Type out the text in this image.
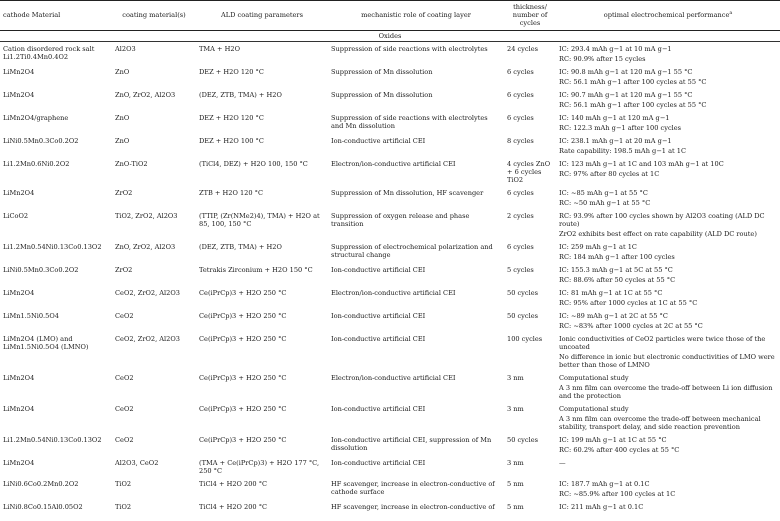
cathode Material	coating material(s)	ALD coating parameters	mechanistic role of coating layer	thickness/ number of cycles	optimal electrochemical performance$^a$
Oxides					
Cation disordered rock salt Li1.2Ti0.4Mn0.4O2	Al2O3	TMA + H2O	Suppression of side reactions with electrolytes	24 cycles	IC: 293.4 mAh g−1 at 10 mA g−1
RC: 90.9% after 15 cycles

LiMn2O4	ZnO	DEZ + H2O 120 °C	Suppression of Mn dissolution	6 cycles	IC: 90.8 mAh g−1 at 120 mA g−1 55 °C
RC: 56.1 mAh g−1 after 100 cycles at 55 °C

LiMn2O4	ZnO, ZrO2, Al2O3	(DEZ, ZTB, TMA) + H2O	Suppression of Mn dissolution	6 cycles	IC: 90.7 mAh g−1 at 120 mA g−1 55 °C
RC: 56.1 mAh g−1 after 100 cycles at 55 °C

LiMn2O4/graphene	ZnO	DEZ + H2O 120 °C	Suppression of side reactions with electrolytes and Mn dissolution	6 cycles	IC: 140 mAh g−1 at 120 mA g−1
RC: 122.3 mAh g−1 after 100 cycles

LiNi0.5Mn0.3Co0.2O2	ZnO	DEZ + H2O 100 °C	Ion-conductive artificial CEI	8 cycles	IC: 238.1 mAh g−1 at 20 mA g−1
Rate capability: 198.5 mAh g−1 at 1C

Li1.2Mn0.6Ni0.2O2	ZnO-TiO2	(TiCl4, DEZ) + H2O 100, 150 °C	Electron/ion-conductive artificial CEI	4 cycles ZnO + 6 cycles TiO2	IC: 123 mAh g−1 at 1C and 103 mAh g−1 at 10C
RC: 97% after 80 cycles at 1C

LiMn2O4	ZrO2	ZTB + H2O 120 °C	Suppression of Mn dissolution, HF scavenger	6 cycles	IC: ~85 mAh g−1 at 55 °C
RC: ~50 mAh g−1 at 55 °C

LiCoO2	TiO2, ZrO2, Al2O3	(TTIP, (Zr(NMe2)4), TMA) + H2O at 85, 100, 150 °C	Suppression of oxygen release and phase transition	2 cycles	RC: 93.9% after 100 cycles shown by Al2O3 coating (ALD DC route)
ZrO2 exhibits best effect on rate capability (ALD DC route)

Li1.2Mn0.54Ni0.13Co0.13O2	ZnO, ZrO2, Al2O3	(DEZ, ZTB, TMA) + H2O	Suppression of electrochemical polarization and structural change	6 cycles	IC: 259 mAh g−1 at 1C
RC: 184 mAh g−1 after 100 cycles

LiNi0.5Mn0.3Co0.2O2	ZrO2	Tetrakis Zirconium + H2O 150 °C	Ion-conductive artificial CEI	5 cycles	IC: 155.3 mAh g−1 at 5C at 55 °C
RC: 88.6% after 50 cycles at 55 °C

LiMn2O4	CeO2, ZrO2, Al2O3	Ce(iPrCp)3 + H2O 250 °C	Electron/ion-conductive artificial CEI	50 cycles	IC: 81 mAh g−1 at 1C at 55 °C
RC: 95% after 1000 cycles at 1C at 55 °C

LiMn1.5Ni0.5O4	CeO2	Ce(iPrCp)3 + H2O 250 °C	Ion-conductive artificial CEI	50 cycles	IC: ~89 mAh g−1 at 2C at 55 °C
RC: ~83% after 1000 cycles at 2C at 55 °C

LiMn2O4 (LMO) and LiMn1.5Ni0.5O4 (LMNO)	CeO2, ZrO2, Al2O3	Ce(iPrCp)3 + H2O 250 °C	Ion-conductive artificial CEI	100 cycles	Ionic conductivities of CeO2 particles were twice those of the uncoated
No difference in ionic but electronic conductivities of LMO were better than those of LMNO

LiMn2O4	CeO2	Ce(iPrCp)3 + H2O 250 °C	Electron/ion-conductive artificial CEI	3 nm	Computational study
A 3 nm film can overcome the trade-off between Li ion diffusion and the protection

LiMn2O4	CeO2	Ce(iPrCp)3 + H2O 250 °C	Ion-conductive artificial CEI	3 nm	Computational study
A 3 nm film can overcome the trade-off between mechanical stability, transport delay, and side reaction prevention

Li1.2Mn0.54Ni0.13Co0.13O2	CeO2	Ce(iPrCp)3 + H2O 250 °C	Ion-conductive artificial CEI, suppression of Mn dissolution	50 cycles	IC: 199 mAh g−1 at 1C at 55 °C
RC: 60.2% after 400 cycles at 55 °C

LiMn2O4	Al2O3, CeO2	(TMA + Ce(iPrCp)3) + H2O 177 °C, 250 °C	Ion-conductive artificial CEI	3 nm	—

LiNi0.6Co0.2Mn0.2O2	TiO2	TiCl4 + H2O 200 °C	HF scavenger, increase in electron-conductive of cathode surface	5 nm	IC: 187.7 mAh g−1 at 0.1C
RC: ~85.9% after 100 cycles at 1C

LiNi0.8Co0.15Al0.05O2	TiO2	TiCl4 + H2O 200 °C	HF scavenger, increase in electron-conductive of	5 nm	IC: 211 mAh g−1 at 0.1C
